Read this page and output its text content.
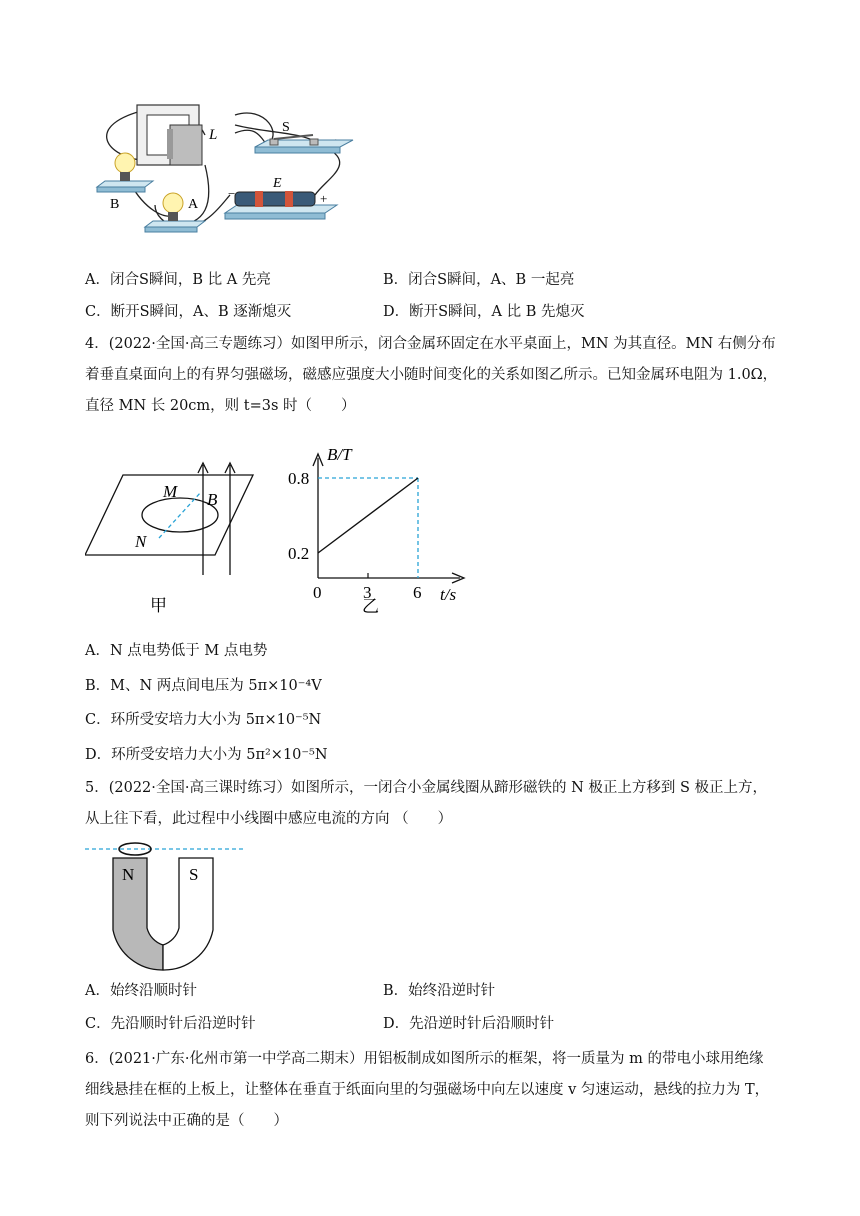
L	S
E
−	+
B	A
A．闭合S瞬间，B 比 A 先亮	B．闭合S瞬间，A、B 一起亮
C．断开S瞬间，A、B 逐渐熄灭	D．断开S瞬间，A 比 B 先熄灭
4．(2022·全国·高三专题练习）如图甲所示，闭合金属环固定在水平桌面上，MN 为其直径。MN 右侧分布
着垂直桌面向上的有界匀强磁场，磁感应强度大小随时间变化的关系如图乙所示。已知金属环电阻为 1.0Ω，
直径 MN 长 20cm，则 t=3s 时（　　）
M
N
B
甲
B/T
t/s
乙
0.8
0.2
0 3 6
A．N 点电势低于 M 点电势
B．M、N 两点间电压为 5π×10⁻⁴V
C．环所受安培力大小为 5π×10⁻⁵N
D．环所受安培力大小为 5π²×10⁻⁵N
5．(2022·全国·高三课时练习）如图所示，一闭合小金属线圈从蹄形磁铁的 N 极正上方移到 S 极正上方，
从上往下看，此过程中小线圈中感应电流的方向 （　　）
N	S
A．始终沿顺时针	B．始终沿逆时针
C．先沿顺时针后沿逆时针	D．先沿逆时针后沿顺时针
6．(2021·广东·化州市第一中学高二期末）用铝板制成如图所示的框架，将一质量为 m 的带电小球用绝缘
细线悬挂在框的上板上，让整体在垂直于纸面向里的匀强磁场中向左以速度 v 匀速运动，悬线的拉力为 T，
则下列说法中正确的是（　　）
